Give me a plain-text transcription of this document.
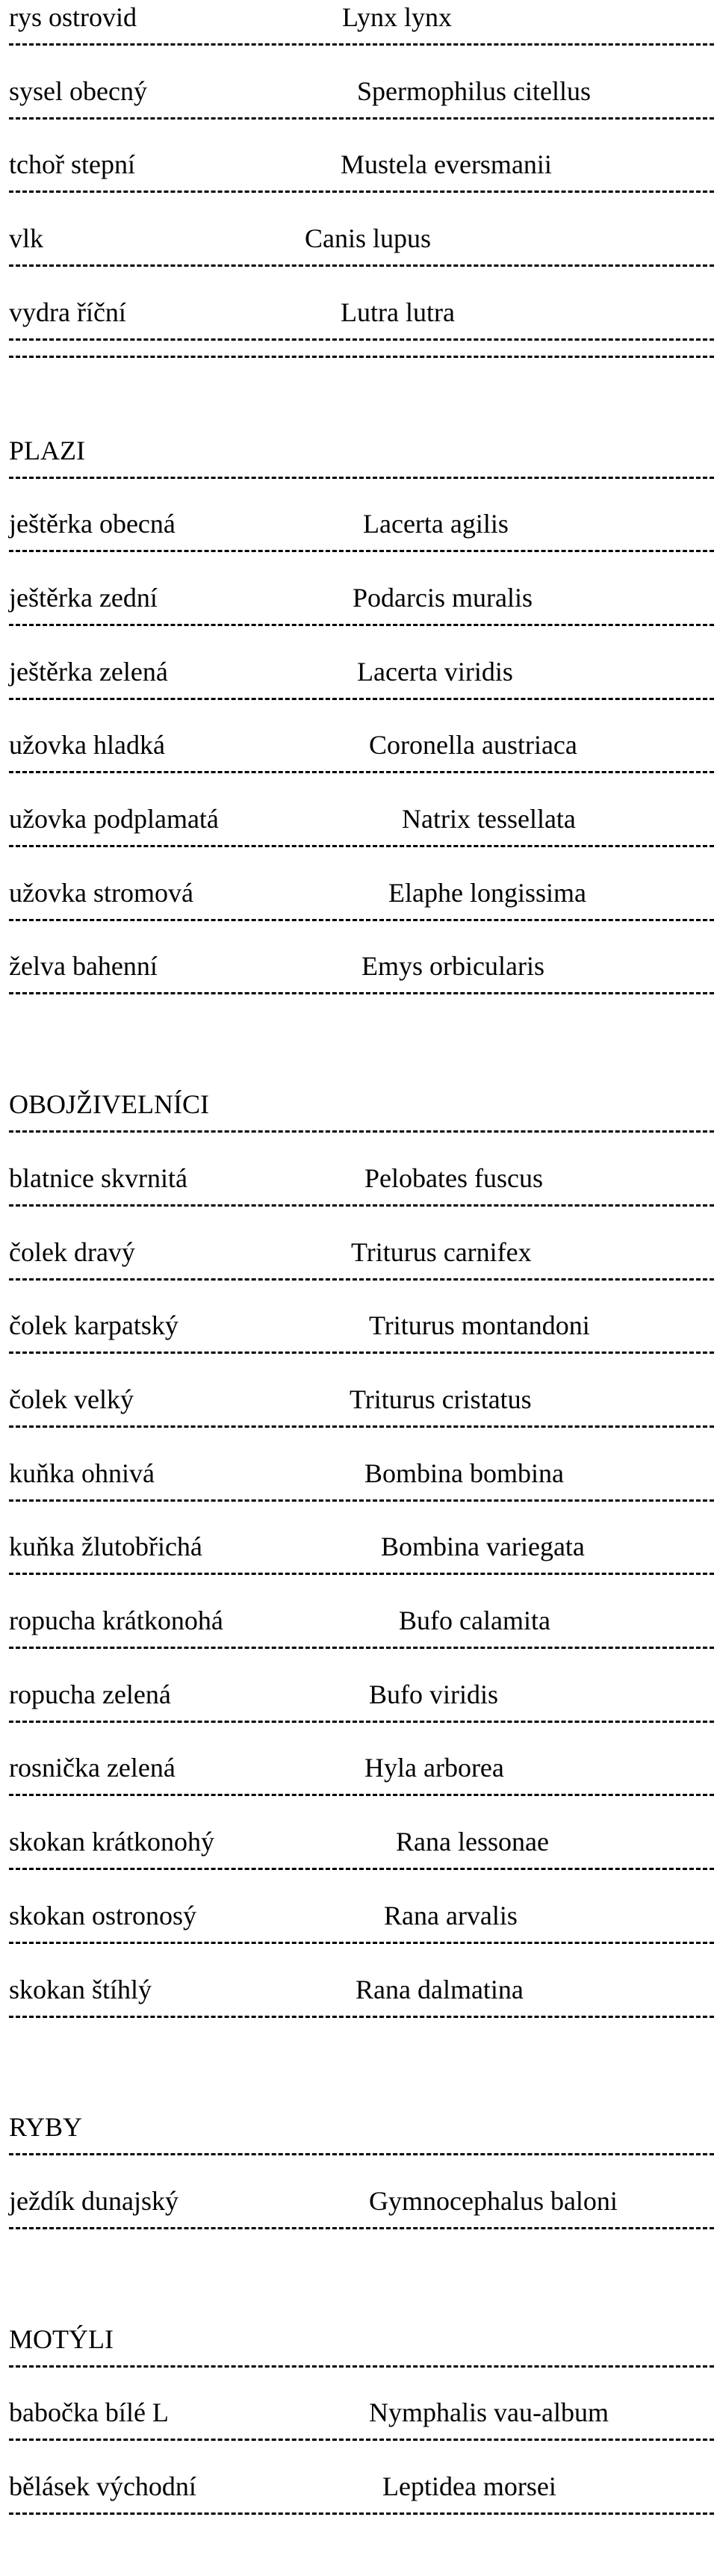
rys ostrovid	Lynx lynx
sysel obecný	Spermophilus citellus
tchoř stepní	Mustela eversmanii
vlk	Canis lupus
vydra říční	Lutra lutra
PLAZI
ještěrka obecná	Lacerta agilis
ještěrka zední	Podarcis muralis
ještěrka zelená	Lacerta viridis
užovka hladká	Coronella austriaca
užovka podplamatá	Natrix tessellata
užovka stromová	Elaphe longissima
želva bahenní	Emys orbicularis
OBOJŽIVELNÍCI
blatnice skvrnitá	Pelobates fuscus
čolek dravý	Triturus carnifex
čolek karpatský	Triturus montandoni
čolek velký	Triturus cristatus
kuňka ohnivá	Bombina bombina
kuňka žlutobřichá	Bombina variegata
ropucha krátkonohá	Bufo calamita
ropucha zelená	Bufo viridis
rosnička zelená	Hyla arborea
skokan krátkonohý	Rana lessonae
skokan ostronosý	Rana arvalis
skokan štíhlý	Rana dalmatina
RYBY
ježdík dunajský	Gymnocephalus baloni
MOTÝLI
babočka bílé L	Nymphalis vau-album
bělásek východní	Leptidea morsei
